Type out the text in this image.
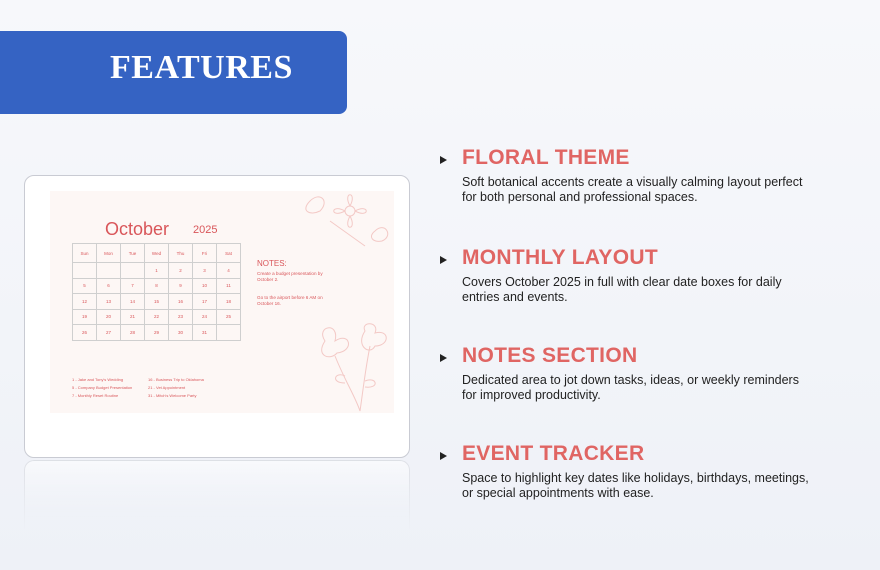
FEATURES
October 2025
Sun	Mon	Tue	Wed	Thu	Fri	Sat
			1	2	3	4
5	6	7	8	9	10	11
12	13	14	15	16	17	18
19	20	21	22	23	24	25
26	27	28	29	30	31	
NOTES:
Create a budget presentation by October 2.
Go to the airport before 6 AM on October 16.
1 - Jake and Tony's Wedding
5 - Company Budget Presentation
7 - Monthly Reset Routine
16 - Business Trip to Oklahoma
21 - Vet Appointment
31 - Mitch's Welcome Party
FLORAL THEME
Soft botanical accents create a visually calming layout perfect for both personal and professional spaces.
MONTHLY LAYOUT
Covers October 2025 in full with clear date boxes for daily entries and events.
NOTES SECTION
Dedicated area to jot down tasks, ideas, or weekly reminders for improved productivity.
EVENT TRACKER
Space to highlight key dates like holidays, birthdays, meetings, or special appointments with ease.
